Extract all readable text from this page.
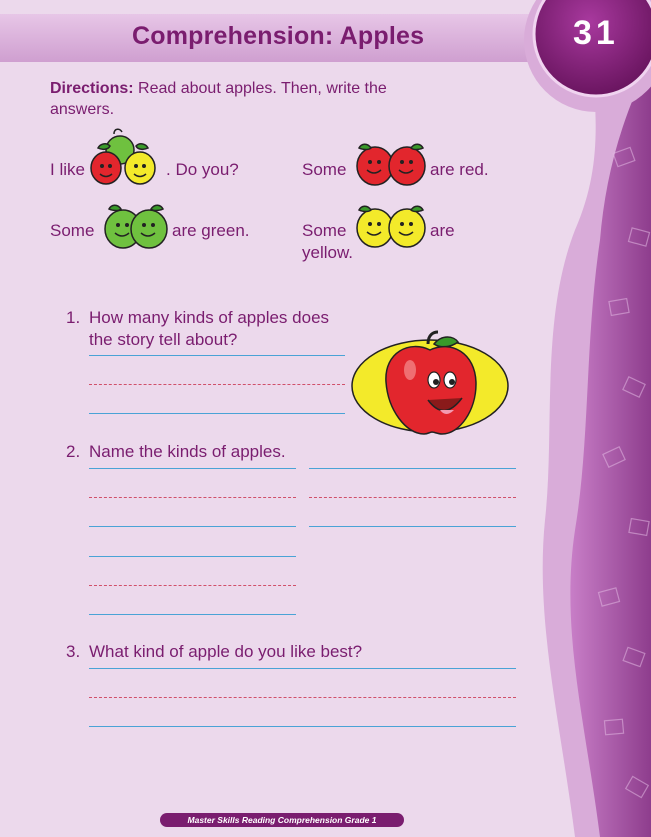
Comprehension: Apples	31
Directions: Read about apples. Then, write the answers.
I like	. Do you?	Some	are red.
Some	are green.	Some	are
yellow.
1. How many kinds of apples does
the story tell about?
2. Name the kinds of apples.
3. What kind of apple do you like best?
Master Skills Reading Comprehension Grade 1
